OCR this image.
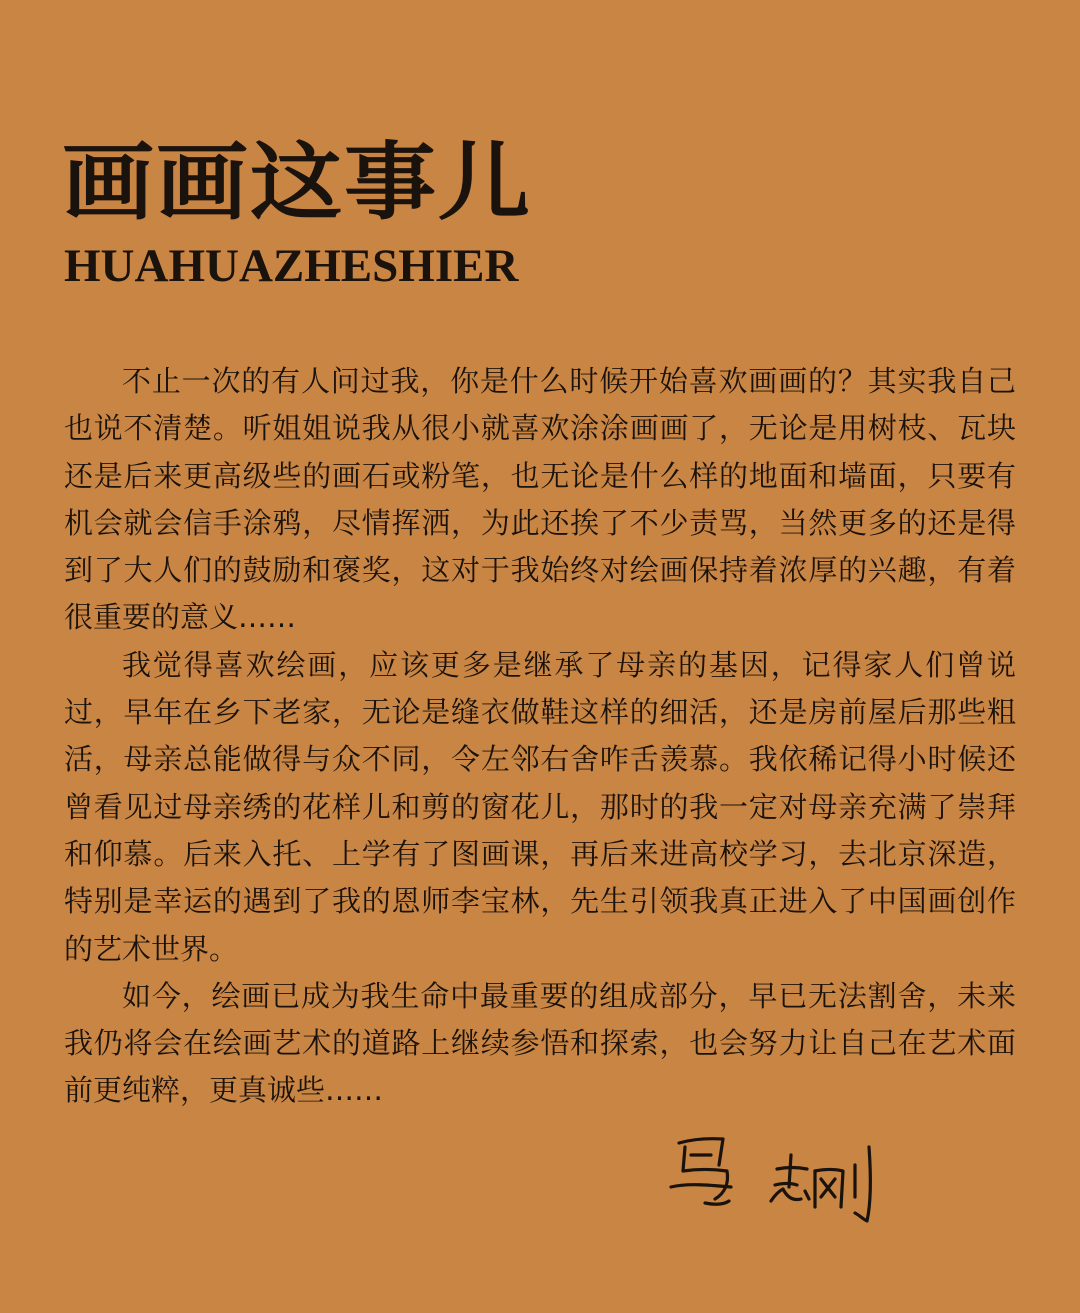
画画这事儿
HUAHUAZHESHIER

不止一次的有人问过我，你是什么时候开始喜欢画画的？其实我自己也说不清楚。听姐姐说我从很小就喜欢涂涂画画了，无论是用树枝、瓦块还是后来更高级些的画石或粉笔，也无论是什么样的地面和墙面，只要有机会就会信手涂鸦，尽情挥洒，为此还挨了不少责骂，当然更多的还是得到了大人们的鼓励和褒奖，这对于我始终对绘画保持着浓厚的兴趣，有着很重要的意义……

我觉得喜欢绘画，应该更多是继承了母亲的基因，记得家人们曾说过，早年在乡下老家，无论是缝衣做鞋这样的细活，还是房前屋后那些粗活，母亲总能做得与众不同，令左邻右舍咋舌羡慕。我依稀记得小时候还曾看见过母亲绣的花样儿和剪的窗花儿，那时的我一定对母亲充满了崇拜和仰慕。后来入托、上学有了图画课，再后来进高校学习，去北京深造，特别是幸运的遇到了我的恩师李宝林，先生引领我真正进入了中国画创作的艺术世界。

如今，绘画已成为我生命中最重要的组成部分，早已无法割舍，未来我仍将会在绘画艺术的道路上继续参悟和探索，也会努力让自己在艺术面前更纯粹，更真诚些……
